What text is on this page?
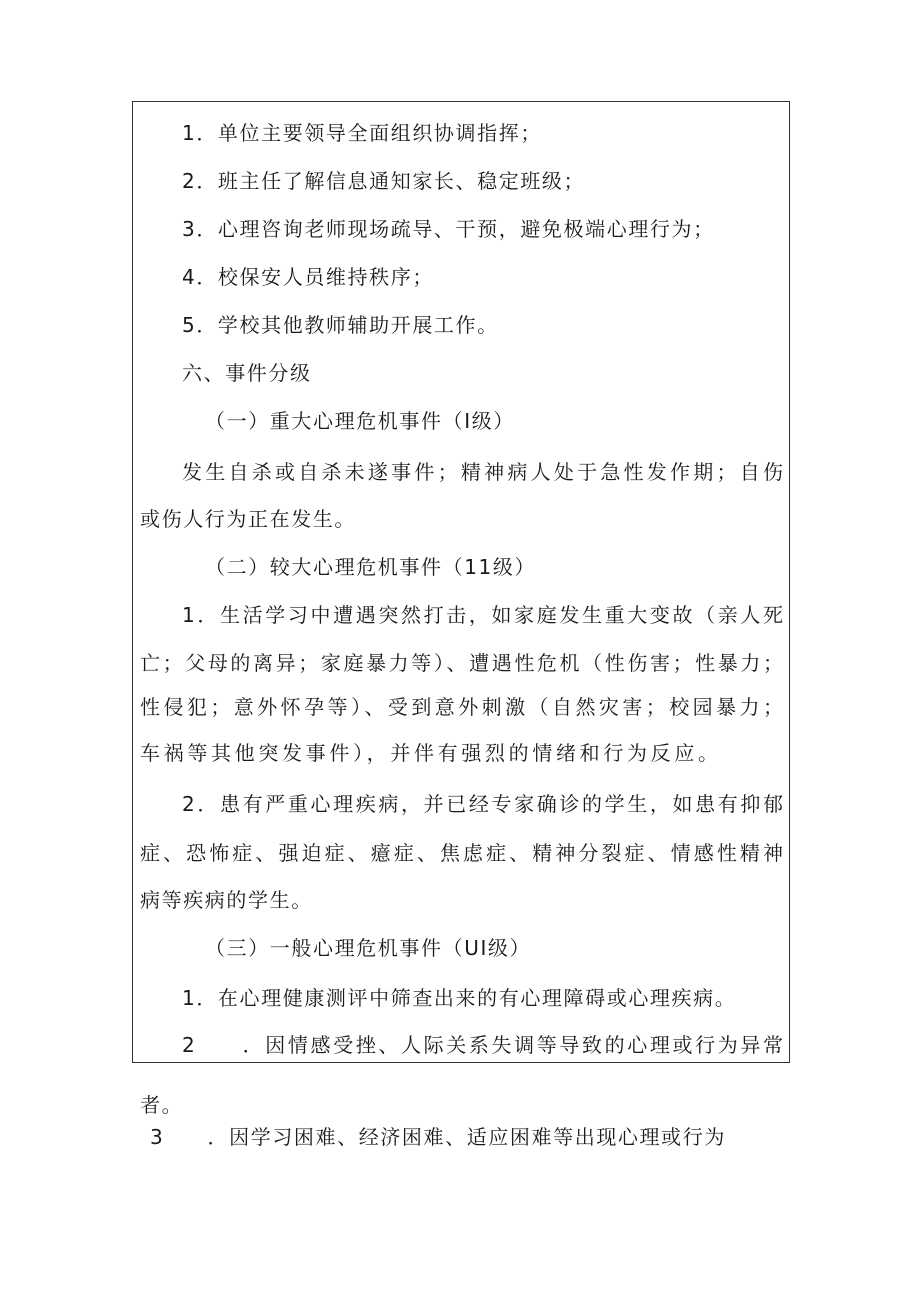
1．单位主要领导全面组织协调指挥；
2．班主任了解信息通知家长、稳定班级；
3．心理咨询老师现场疏导、干预，避免极端心理行为；
4．校保安人员维持秩序；
5．学校其他教师辅助开展工作。
六、事件分级
（一）重大心理危机事件（I级）
发生自杀或自杀未遂事件；精神病人处于急性发作期；自伤
或伤人行为正在发生。
（二）较大心理危机事件（11级）
1．生活学习中遭遇突然打击，如家庭发生重大变故（亲人死
亡；父母的离异；家庭暴力等）、遭遇性危机（性伤害；性暴力；
性侵犯；意外怀孕等）、受到意外刺激（自然灾害；校园暴力；
车祸等其他突发事件），并伴有强烈的情绪和行为反应。
2．患有严重心理疾病，并已经专家确诊的学生，如患有抑郁
症、恐怖症、强迫症、癔症、焦虑症、精神分裂症、情感性精神
病等疾病的学生。
（三）一般心理危机事件（UI级）
1．在心理健康测评中筛查出来的有心理障碍或心理疾病。
2　　．因情感受挫、人际关系失调等导致的心理或行为异常
者。
3　　．因学习困难、经济困难、适应困难等出现心理或行为
